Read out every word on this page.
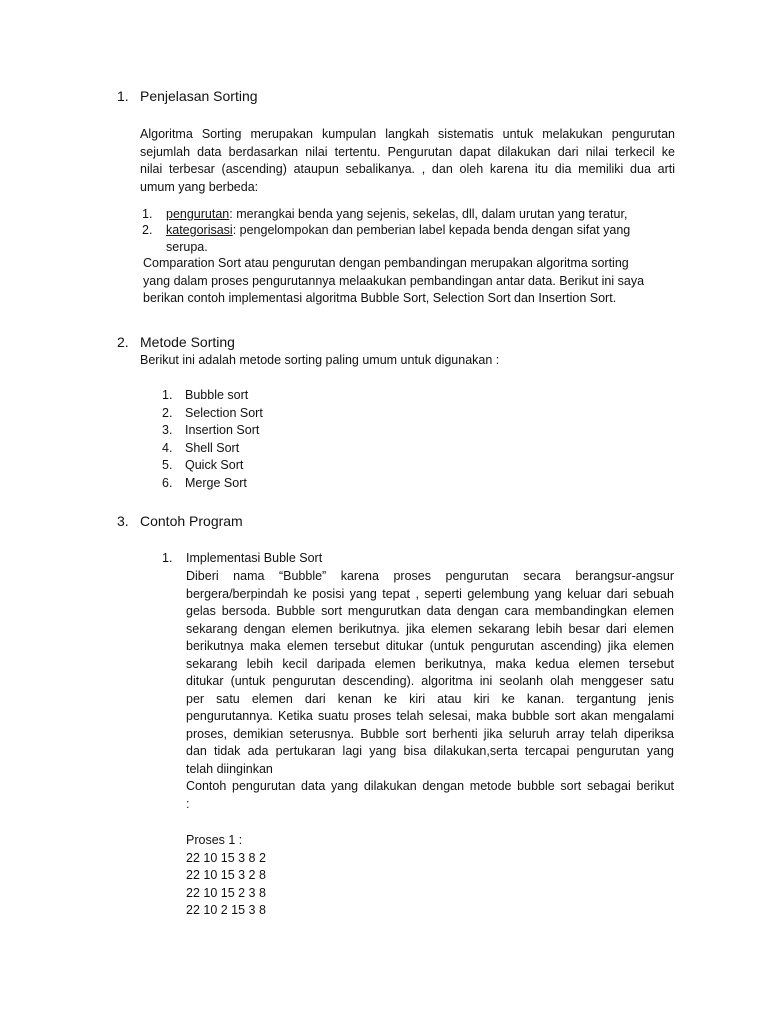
1. Penjelasan Sorting
Algoritma Sorting merupakan kumpulan langkah sistematis untuk melakukan pengurutan
sejumlah data berdasarkan nilai tertentu. Pengurutan dapat dilakukan dari nilai terkecil ke
nilai terbesar (ascending) ataupun sebalikanya. , dan oleh karena itu dia memiliki dua arti
umum yang berbeda:
1. pengurutan: merangkai benda yang sejenis, sekelas, dll, dalam urutan yang teratur,
2. kategorisasi: pengelompokan dan pemberian label kepada benda dengan sifat yang
serupa.
Comparation Sort atau pengurutan dengan pembandingan merupakan algoritma sorting
yang dalam proses pengurutannya melaakukan pembandingan antar data. Berikut ini saya
berikan contoh implementasi algoritma Bubble Sort, Selection Sort dan Insertion Sort.
2. Metode Sorting
Berikut ini adalah metode sorting paling umum untuk digunakan :
1. Bubble sort
2. Selection Sort
3. Insertion Sort
4. Shell Sort
5. Quick Sort
6. Merge Sort
3. Contoh Program
1. Implementasi Buble Sort
Diberi nama “Bubble” karena proses pengurutan secara berangsur-angsur
bergera/berpindah ke posisi yang tepat , seperti gelembung yang keluar dari sebuah
gelas bersoda. Bubble sort mengurutkan data dengan cara membandingkan elemen
sekarang dengan elemen berikutnya. jika elemen sekarang lebih besar dari elemen
berikutnya maka elemen tersebut ditukar (untuk pengurutan ascending) jika elemen
sekarang lebih kecil daripada elemen berikutnya, maka kedua elemen tersebut
ditukar (untuk pengurutan descending). algoritma ini seolanh olah menggeser satu
per satu elemen dari kenan ke kiri atau kiri ke kanan. tergantung jenis
pengurutannya. Ketika suatu proses telah selesai, maka bubble sort akan mengalami
proses, demikian seterusnya. Bubble sort berhenti jika seluruh array telah diperiksa
dan tidak ada pertukaran lagi yang bisa dilakukan,serta tercapai pengurutan yang
telah diinginkan
Contoh pengurutan data yang dilakukan dengan metode bubble sort sebagai berikut
:
Proses 1 :
22 10 15 3 8 2
22 10 15 3 2 8
22 10 15 2 3 8
22 10 2 15 3 8
